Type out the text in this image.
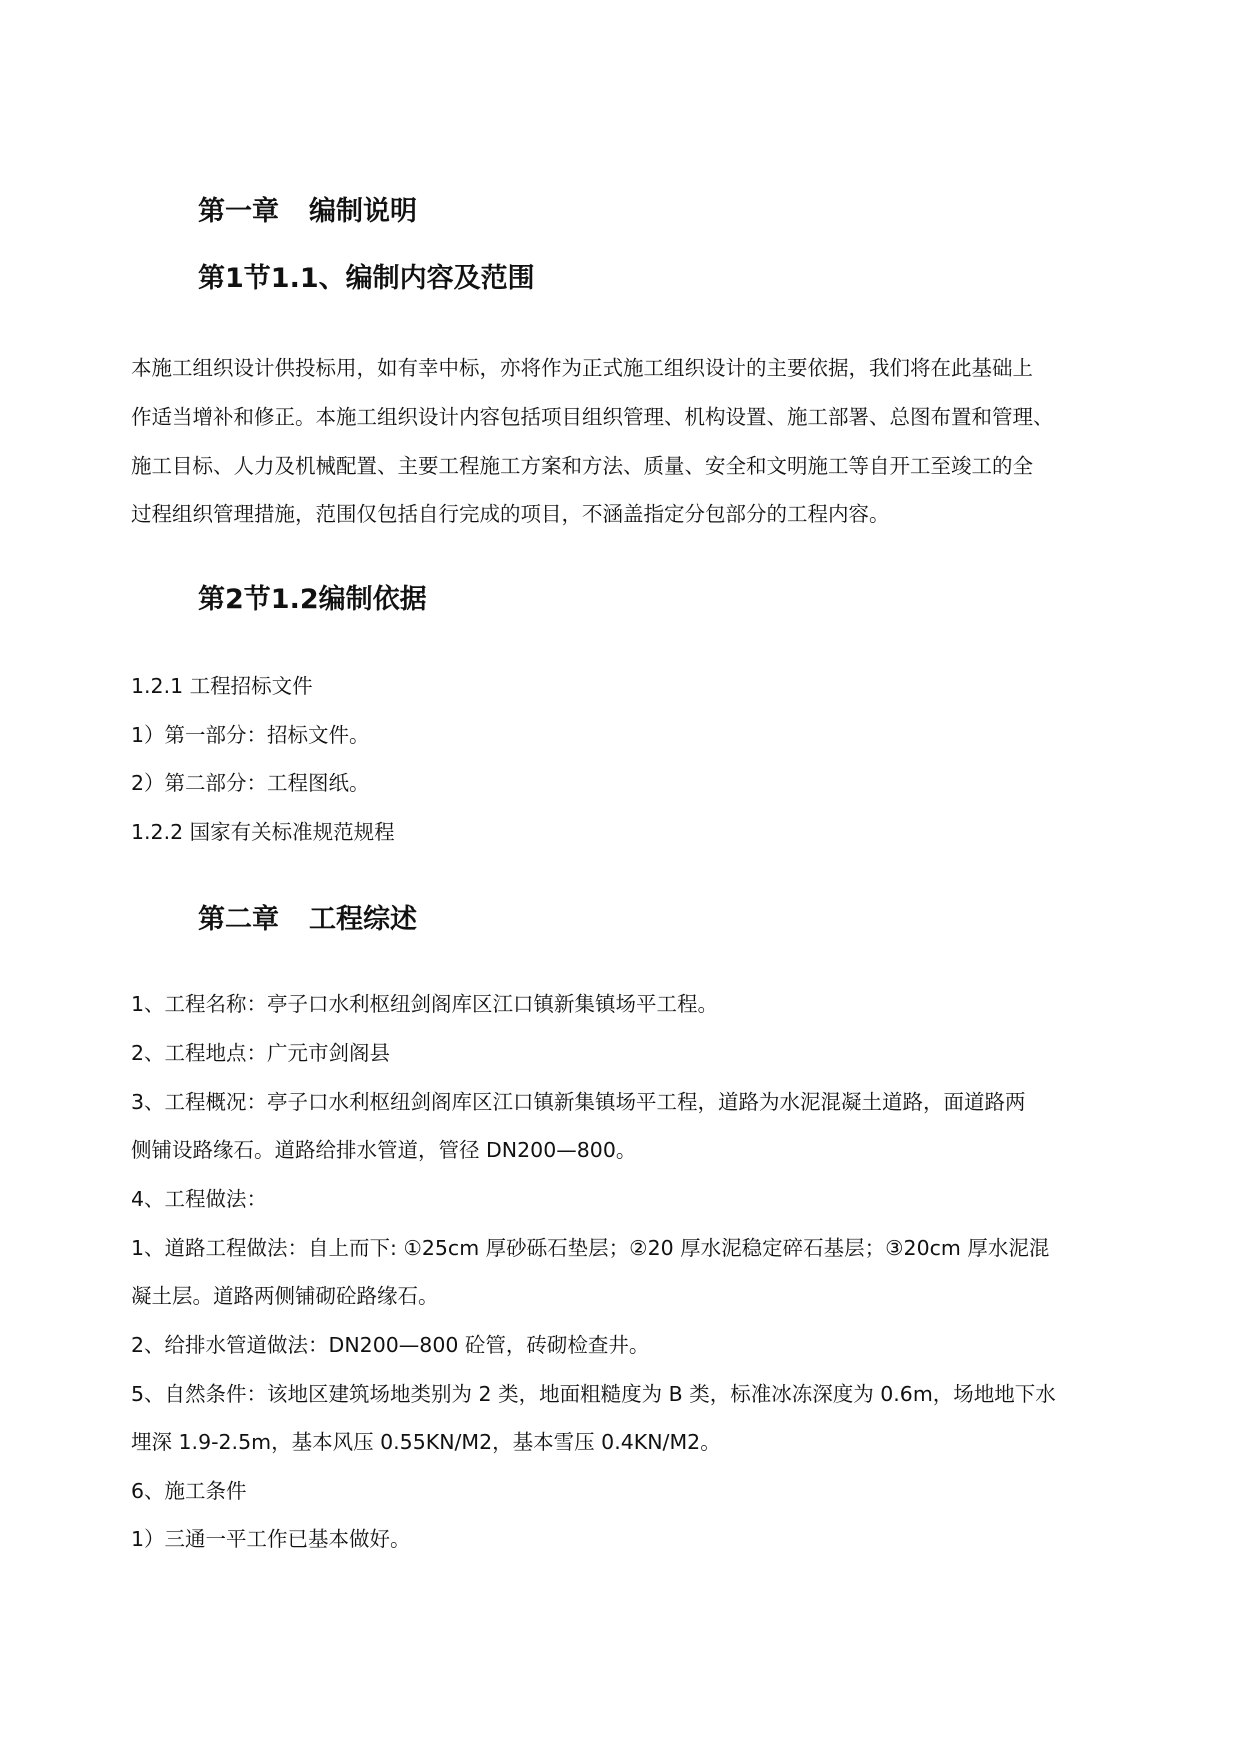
第一章 编制说明
第1节1.1、编制内容及范围
本施工组织设计供投标用，如有幸中标，亦将作为正式施工组织设计的主要依据，我们将在此基础上
作适当增补和修正。本施工组织设计内容包括项目组织管理、机构设置、施工部署、总图布置和管理、
施工目标、人力及机械配置、主要工程施工方案和方法、质量、安全和文明施工等自开工至竣工的全
过程组织管理措施，范围仅包括自行完成的项目，不涵盖指定分包部分的工程内容。
第2节1.2编制依据
1.2.1 工程招标文件
1）第一部分：招标文件。
2）第二部分：工程图纸。
1.2.2 国家有关标准规范规程
第二章 工程综述
1、工程名称：亭子口水利枢纽剑阁库区江口镇新集镇场平工程。
2、工程地点：广元市剑阁县
3、工程概况：亭子口水利枢纽剑阁库区江口镇新集镇场平工程，道路为水泥混凝土道路，面道路两
侧铺设路缘石。道路给排水管道，管径 DN200—800。
4、工程做法：
1、道路工程做法：自上而下: ①25cm 厚砂砾石垫层；②20 厚水泥稳定碎石基层；③20cm 厚水泥混
凝土层。道路两侧铺砌砼路缘石。
2、给排水管道做法：DN200—800 砼管，砖砌检查井。
5、自然条件：该地区建筑场地类别为 2 类，地面粗糙度为 B 类，标准冰冻深度为 0.6m，场地地下水
埋深 1.9-2.5m，基本风压 0.55KN/M2，基本雪压 0.4KN/M2。
6、施工条件
1）三通一平工作已基本做好。
